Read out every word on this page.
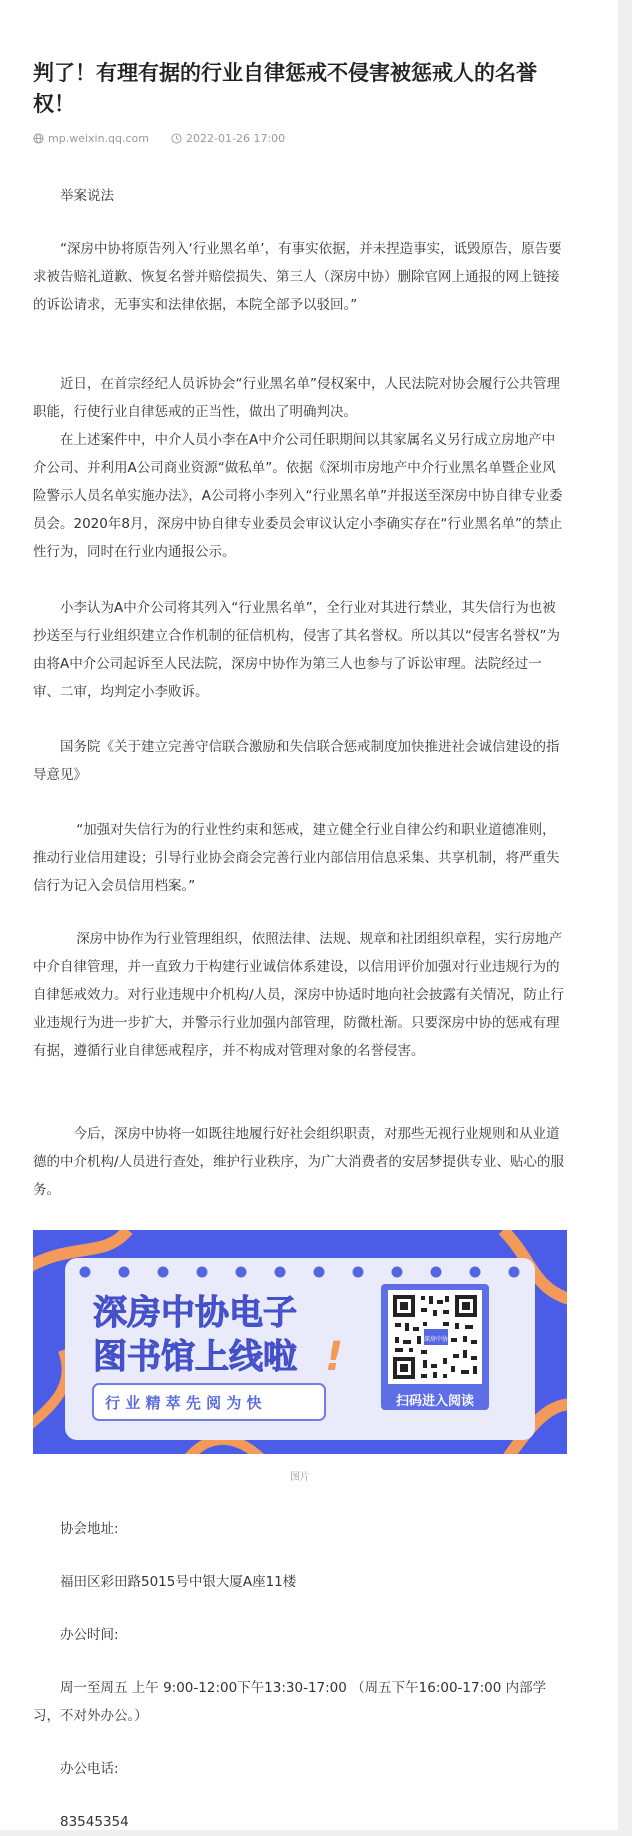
判了！有理有据的行业自律惩戒不侵害被惩戒人的名誉权！
mp.weixin.qq.com	2022-01-26 17:00

举案说法

“深房中协将原告列入‘行业黑名单’，有事实依据，并未捏造事实，诋毁原告，原告要求被告赔礼道歉、恢复名誉并赔偿损失、第三人（深房中协）删除官网上通报的网上链接的诉讼请求，无事实和法律依据，本院全部予以驳回。”

近日，在首宗经纪人员诉协会“行业黑名单”侵权案中，人民法院对协会履行公共管理职能，行使行业自律惩戒的正当性，做出了明确判决。

在上述案件中，中介人员小李在A中介公司任职期间以其家属名义另行成立房地产中介公司、并利用A公司商业资源“做私单”。依据《深圳市房地产中介行业黑名单暨企业风险警示人员名单实施办法》，A公司将小李列入“行业黑名单”并报送至深房中协自律专业委员会。2020年8月，深房中协自律专业委员会审议认定小李确实存在“行业黑名单”的禁止性行为，同时在行业内通报公示。

小李认为A中介公司将其列入“行业黑名单”，全行业对其进行禁业，其失信行为也被抄送至与行业组织建立合作机制的征信机构，侵害了其名誉权。所以其以“侵害名誉权”为由将A中介公司起诉至人民法院，深房中协作为第三人也参与了诉讼审理。法院经过一审、二审，均判定小李败诉。

国务院《关于建立完善守信联合激励和失信联合惩戒制度加快推进社会诚信建设的指导意见》

“加强对失信行为的行业性约束和惩戒，建立健全行业自律公约和职业道德准则，推动行业信用建设；引导行业协会商会完善行业内部信用信息采集、共享机制，将严重失信行为记入会员信用档案。”

深房中协作为行业管理组织，依照法律、法规、规章和社团组织章程，实行房地产中介自律管理，并一直致力于构建行业诚信体系建设，以信用评价加强对行业违规行为的自律惩戒效力。对行业违规中介机构/人员，深房中协适时地向社会披露有关情况，防止行业违规行为进一步扩大，并警示行业加强内部管理，防微杜渐。只要深房中协的惩戒有理有据，遵循行业自律惩戒程序，并不构成对管理对象的名誉侵害。

今后，深房中协将一如既往地履行好社会组织职责，对那些无视行业规则和从业道德的中介机构/人员进行查处，维护行业秩序，为广大消费者的安居梦提供专业、贴心的服务。

深房中协电子
图书馆上线啦 !
行 业 精 萃 先 阅 为 快
深房中协
扫码进入阅读
图片

协会地址:

福田区彩田路5015号中银大厦A座11楼

办公时间:

周一至周五 上午 9:00-12:00下午13:30-17:00 （周五下午16:00-17:00 内部学习，不对外办公。）

办公电话:

83545354
